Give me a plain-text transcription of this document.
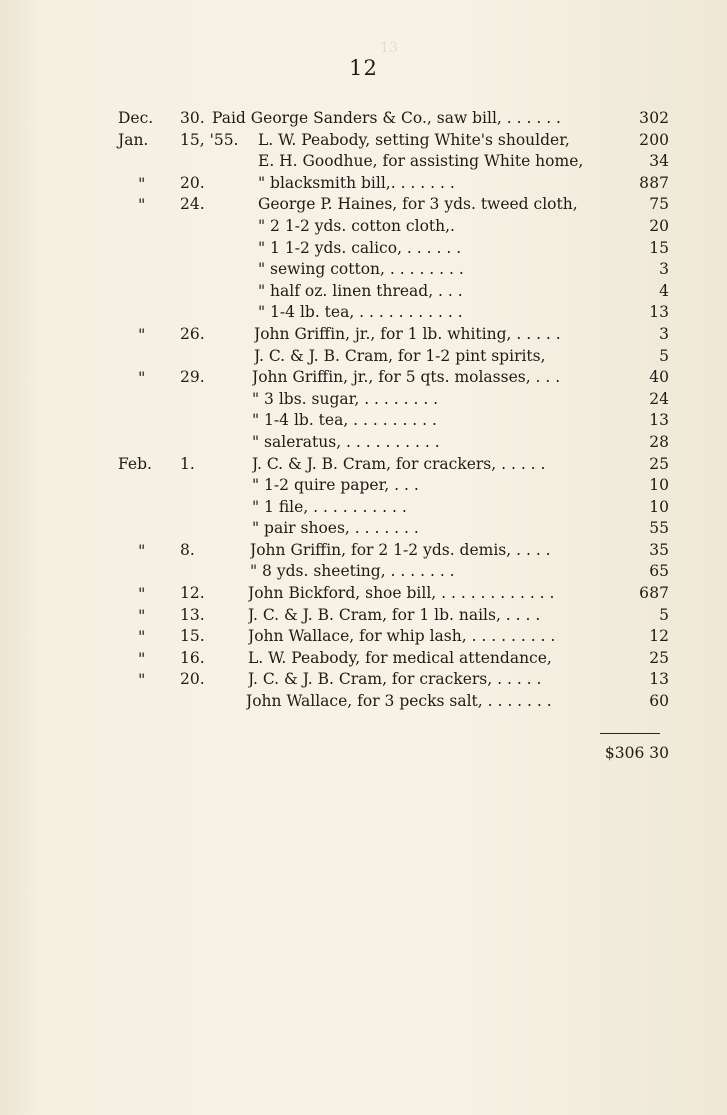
13
12
Dec. 30. Paid George Sanders & Co., saw bill, . . . . . .	3 02
Jan. 15, '55. L. W. Peabody, setting White's shoulder,	2 00
E. H. Goodhue, for assisting White home,	34
" 20.	" blacksmith bill,. . . . . . .	8 87
" 24.	George P. Haines, for 3 yds. tweed cloth,	75
" 2 1-2 yds. cotton cloth,.	20
" 1 1-2 yds. calico, . . . . . .	15
" sewing cotton, . . . . . . . .	3
" half oz. linen thread, . . .	4
" 1-4 lb. tea, . . . . . . . . . . .	13
" 26.	John Griffin, jr., for 1 lb. whiting, . . . . .	3
J. C. & J. B. Cram, for 1-2 pint spirits,	5
" 29.	John Griffin, jr., for 5 qts. molasses, . . .	40
" 3 lbs. sugar, . . . . . . . .	24
" 1-4 lb. tea, . . . . . . . . .	13
" saleratus, . . . . . . . . . .	28
Feb. 1.	J. C. & J. B. Cram, for crackers, . . . . .	25
" 1-2 quire paper, . . .	10
" 1 file, . . . . . . . . . .	10
" pair shoes, . . . . . . .	55
" 8.	John Griffin, for 2 1-2 yds. demis, . . . .	35
" 8 yds. sheeting, . . . . . . .	65
" 12.	John Bickford, shoe bill, . . . . . . . . . . . .	6 87
" 13.	J. C. & J. B. Cram, for 1 lb. nails, . . . .	5
" 15.	John Wallace, for whip lash, . . . . . . . . .	12
" 16.	L. W. Peabody, for medical attendance,	25
" 20.	J. C. & J. B. Cram, for crackers, . . . . .	13
John Wallace, for 3 pecks salt, . . . . . . .	60
$306 30
